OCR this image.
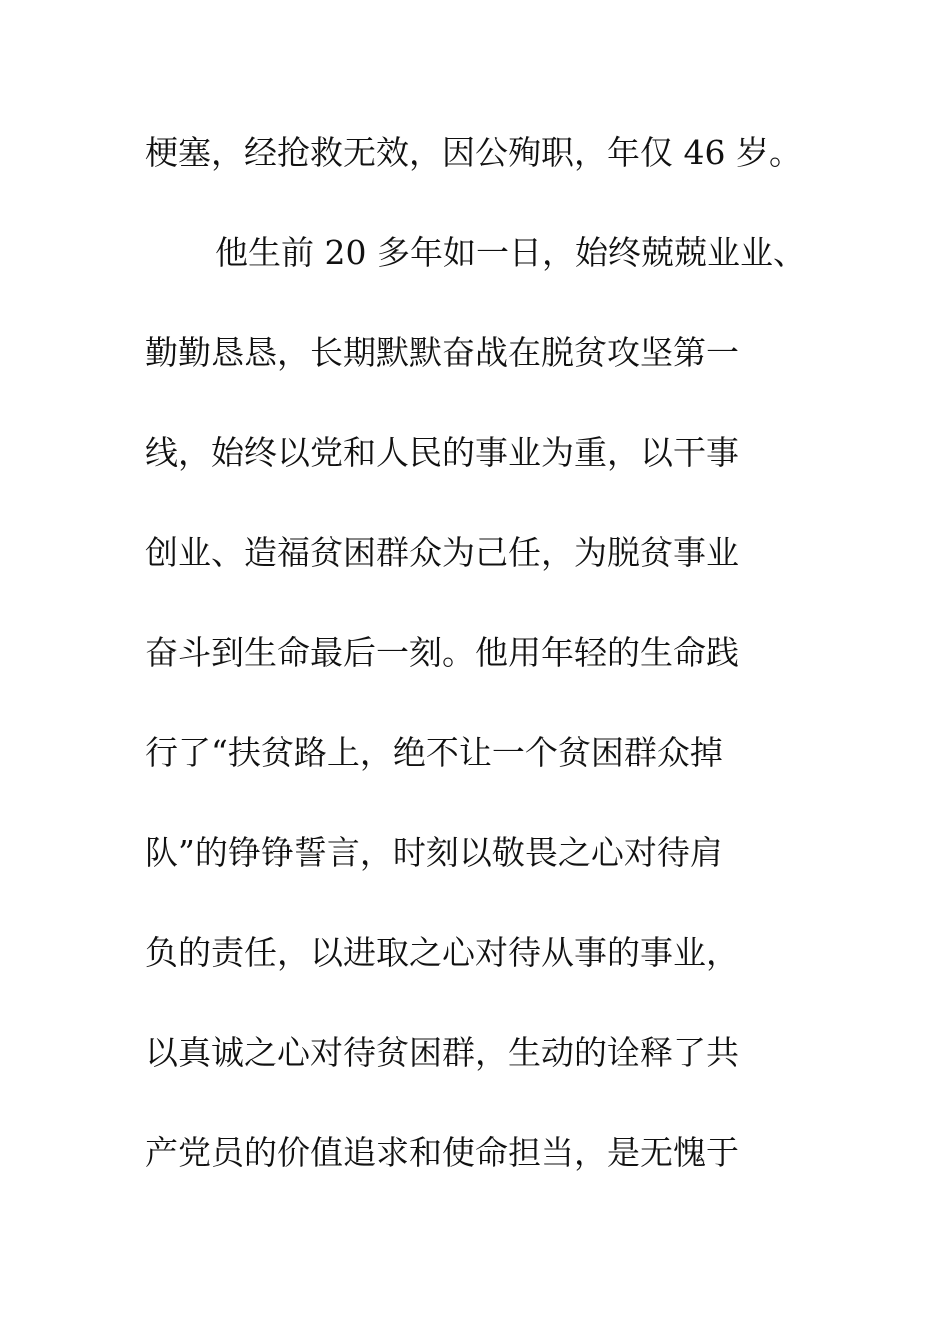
梗塞，经抢救无效，因公殉职，年仅 46 岁。
他生前 20 多年如一日，始终兢兢业业、
勤勤恳恳，长期默默奋战在脱贫攻坚第一
线，始终以党和人民的事业为重，以干事
创业、造福贫困群众为己任，为脱贫事业
奋斗到生命最后一刻。他用年轻的生命践
行了“扶贫路上，绝不让一个贫困群众掉
队”的铮铮誓言，时刻以敬畏之心对待肩
负的责任，以进取之心对待从事的事业，
以真诚之心对待贫困群，生动的诠释了共
产党员的价值追求和使命担当，是无愧于
